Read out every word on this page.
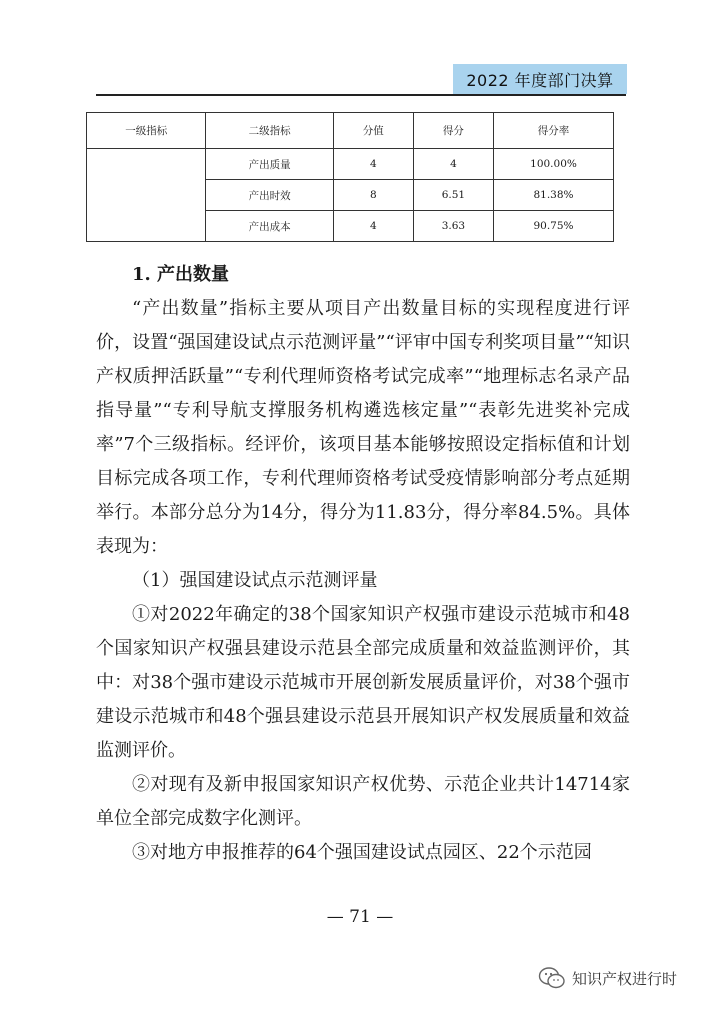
2022 年度部门决算
一级指标	二级指标	分值	得分	得分率
	产出质量	4	4	100.00%
	产出时效	8	6.51	81.38%
	产出成本	4	3.63	90.75%

1. 产出数量

“产出数量”指标主要从项目产出数量目标的实现程度进行评价，设置“强国建设试点示范测评量”“评审中国专利奖项目量”“知识产权质押活跃量”“专利代理师资格考试完成率”“地理标志名录产品指导量”“专利导航支撑服务机构遴选核定量”“表彰先进奖补完成率”7个三级指标。经评价，该项目基本能够按照设定指标值和计划目标完成各项工作，专利代理师资格考试受疫情影响部分考点延期举行。本部分总分为14分，得分为11.83分，得分率84.5%。具体表现为：

（1）强国建设试点示范测评量

①对2022年确定的38个国家知识产权强市建设示范城市和48个国家知识产权强县建设示范县全部完成质量和效益监测评价，其中：对38个强市建设示范城市开展创新发展质量评价，对38个强市建设示范城市和48个强县建设示范县开展知识产权发展质量和效益监测评价。

②对现有及新申报国家知识产权优势、示范企业共计14714家单位全部完成数字化测评。

③对地方申报推荐的64个强国建设试点园区、22个示范园

— 71 —
知识产权进行时
